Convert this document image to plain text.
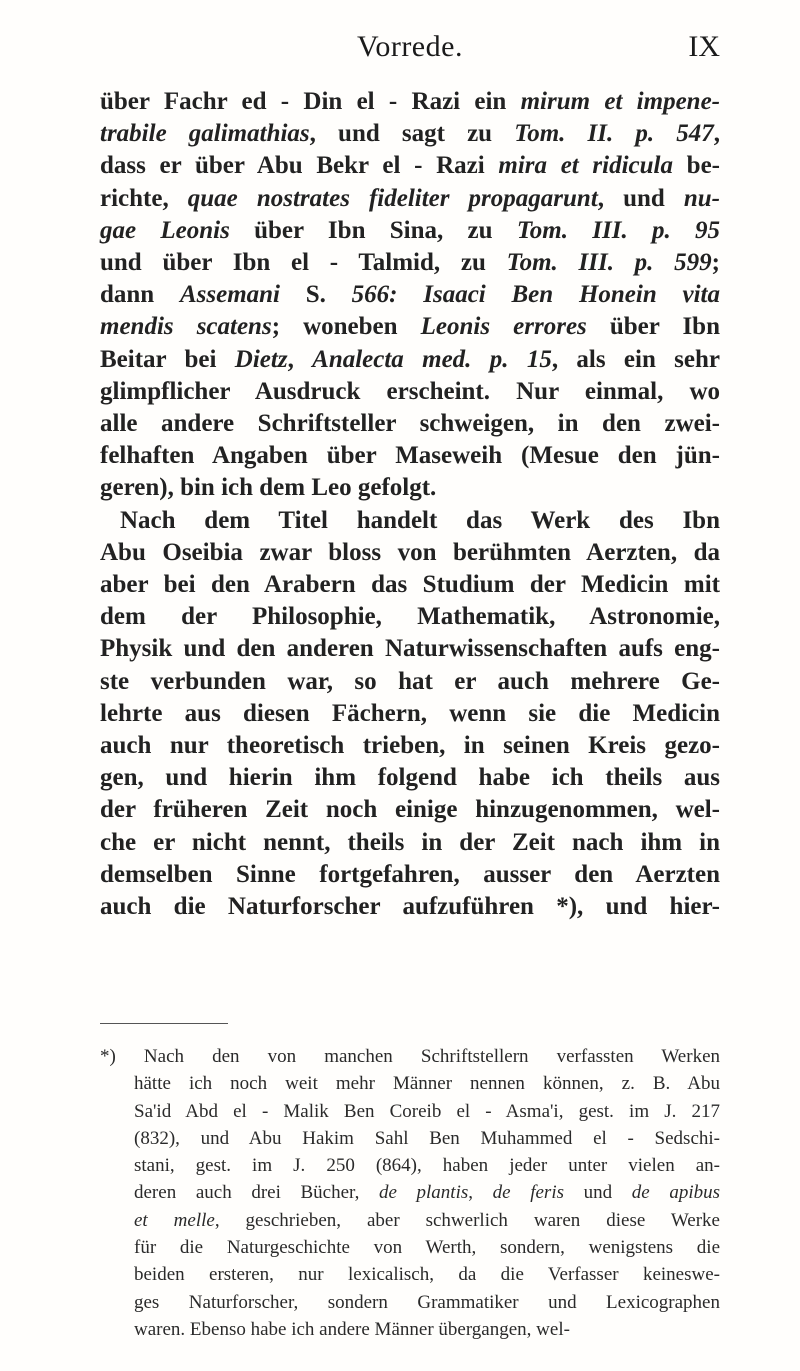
Vorrede.	IX
über Fachr ed - Din el - Razi ein mirum et impene-
trabile galimathias, und sagt zu Tom. II. p. 547,
dass er über Abu Bekr el - Razi mira et ridicula be-
richte, quae nostrates fideliter propagarunt, und nu-
gae Leonis über Ibn Sina, zu Tom. III. p. 95
und über Ibn el - Talmid, zu Tom. III. p. 599;
dann Assemani S. 566: Isaaci Ben Honein vita
mendis scatens; woneben Leonis errores über Ibn
Beitar bei Dietz, Analecta med. p. 15, als ein sehr
glimpflicher Ausdruck erscheint. Nur einmal, wo
alle andere Schriftsteller schweigen, in den zwei-
felhaften Angaben über Maseweih (Mesue den jün-
geren), bin ich dem Leo gefolgt.
Nach dem Titel handelt das Werk des Ibn
Abu Oseibia zwar bloss von berühmten Aerzten, da
aber bei den Arabern das Studium der Medicin mit
dem der Philosophie, Mathematik, Astronomie,
Physik und den anderen Naturwissenschaften aufs eng-
ste verbunden war, so hat er auch mehrere Ge-
lehrte aus diesen Fächern, wenn sie die Medicin
auch nur theoretisch trieben, in seinen Kreis gezo-
gen, und hierin ihm folgend habe ich theils aus
der früheren Zeit noch einige hinzugenommen, wel-
che er nicht nennt, theils in der Zeit nach ihm in
demselben Sinne fortgefahren, ausser den Aerzten
auch die Naturforscher aufzuführen *), und hier-
*) Nach den von manchen Schriftstellern verfassten Werken
hätte ich noch weit mehr Männer nennen können, z. B. Abu
Sa'id Abd el - Malik Ben Coreib el - Asma'i, gest. im J. 217
(832), und Abu Hakim Sahl Ben Muhammed el - Sedschi-
stani, gest. im J. 250 (864), haben jeder unter vielen an-
deren auch drei Bücher, de plantis, de feris und de apibus
et melle, geschrieben, aber schwerlich waren diese Werke
für die Naturgeschichte von Werth, sondern, wenigstens die
beiden ersteren, nur lexicalisch, da die Verfasser keineswe-
ges Naturforscher, sondern Grammatiker und Lexicographen
waren. Ebenso habe ich andere Männer übergangen, wel-
